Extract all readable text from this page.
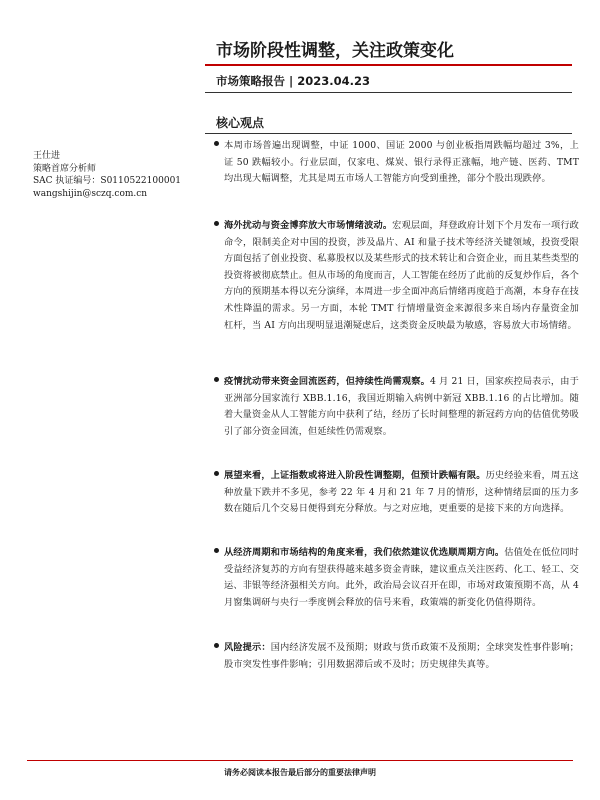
市场阶段性调整，关注政策变化
市场策略报告 | 2023.04.23
核心观点
王仕进
策略首席分析师
SAC 执证编号：S0110522100001
wangshijin@sczq.com.cn
本周市场普遍出现调整，中证 1000、国证 2000 与创业板指周跌幅均超过 3%，上证 50 跌幅较小。行业层面，仅家电、煤炭、银行录得正涨幅，地产链、医药、TMT 均出现大幅调整，尤其是周五市场人工智能方向受到重挫，部分个股出现跌停。
海外扰动与资金博弈放大市场情绪波动。宏观层面，拜登政府计划下个月发布一项行政命令，限制美企对中国的投资，涉及晶片、AI 和量子技术等经济关键领域，投资受限方面包括了创业投资、私募股权以及某些形式的技术转让和合资企业，而且某些类型的投资将被彻底禁止。但从市场的角度而言，人工智能在经历了此前的反复炒作后，各个方向的预期基本得以充分演绎，本周进一步全面冲高后情绪再度趋于高潮，本身存在技术性降温的需求。另一方面，本轮 TMT 行情增量资金来源很多来自场内存量资金加杠杆，当 AI 方向出现明显退潮疑虑后，这类资金反映最为敏感，容易放大市场情绪。
疫情扰动带来资金回流医药，但持续性尚需观察。4 月 21 日，国家疾控局表示，由于亚洲部分国家流行 XBB.1.16，我国近期输入病例中新冠 XBB.1.16 的占比增加。随着大量资金从人工智能方向中获利了结，经历了长时间整理的新冠药方向的估值优势吸引了部分资金回流，但延续性仍需观察。
展望来看，上证指数或将进入阶段性调整期，但预计跌幅有限。历史经验来看，周五这种放量下跌并不多见，参考 22 年 4 月和 21 年 7 月的情形，这种情绪层面的压力多数在随后几个交易日便得到充分释放。与之对应地，更重要的是接下来的方向选择。
从经济周期和市场结构的角度来看，我们依然建议优选顺周期方向。估值处在低位同时受益经济复苏的方向有望获得越来越多资金青睐，建议重点关注医药、化工、轻工、交运、非银等经济强相关方向。此外，政治局会议召开在即，市场对政策预期不高，从 4 月窗集调研与央行一季度例会释放的信号来看，政策端的新变化仍值得期待。
风险提示：国内经济发展不及预期；财政与货币政策不及预期；全球突发性事件影响；股市突发性事件影响；引用数据滞后或不及时；历史规律失真等。
请务必阅读本报告最后部分的重要法律声明
